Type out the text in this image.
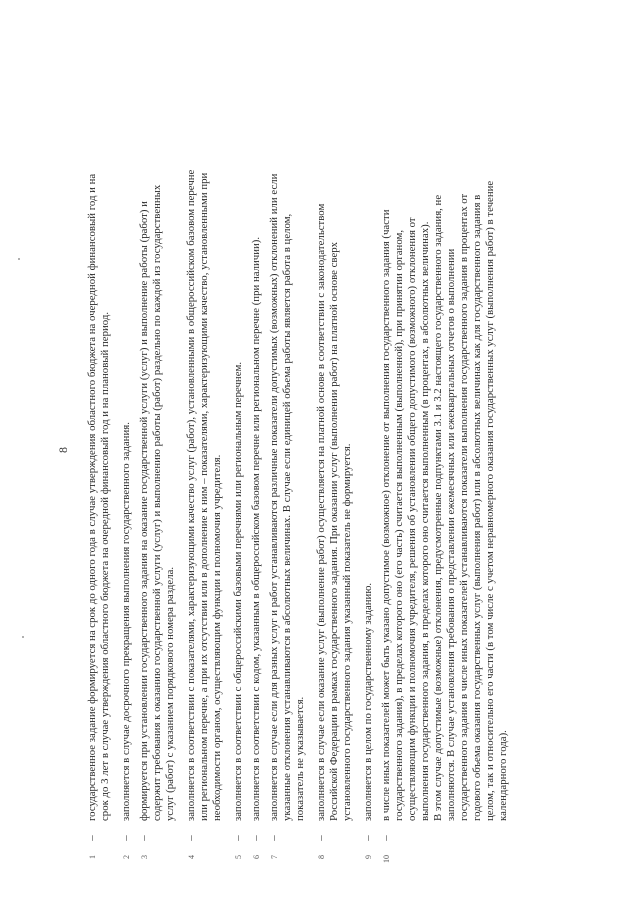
8
1
–

государственное задание формируется на срок до одного года в случае утверждения областного бюджета на очередной финансовый год и на срок до 3 лет в случае утверждения областного бюджета на очередной финансовый год и на плановый период.

2
–

заполняется в случае досрочного прекращения выполнения государственного задания.

3
–

формируется при установлении государственного задания на оказание государственной услуги (услуг) и выполнение работы (работ) и содержит требования к оказанию государственной услуги (услуг) и выполнению работы (работ) раздельно по каждой из государственных услуг (работ) с указанием порядкового номера раздела.

4
–

заполняется в соответствии с показателями, характеризующими качество услуг (работ), установленными в общероссийском базовом перечне или региональном перечне, а при их отсутствии или в дополнение к ним – показателями, характеризующими качество, установленными при необходимости органом, осуществляющим функции и полномочия учредителя.

5
–

заполняется в соответствии с общероссийскими базовыми перечнями или региональным перечнем.

6
–

заполняется в соответствии с кодом, указанным в общероссийском базовом перечне или региональном перечне (при наличии).

7
–

заполняется в случае если для разных услуг и работ устанавливаются различные показатели допустимых (возможных) отклонений или если указанные отклонения устанавливаются в абсолютных величинах. В случае если единицей объема работы является работа в целом, показатель не указывается.

8
–

заполняется в случае если оказание услуг (выполнение работ) осуществляется на платной основе в соответствии с законодательством Российской Федерации в рамках государственного задания. При оказании услуг (выполнении работ) на платной основе сверх установленного государственного задания указанный показатель не формируется.

9
–

заполняется в целом по государственному заданию.

10
–

в числе иных показателей может быть указано допустимое (возможное) отклонение от выполнения государственного задания (части государственного задания), в пределах которого оно (его часть) считается выполненным (выполненной), при принятии органом, осуществляющим функции и полномочия учредителя, решения об установлении общего допустимого (возможного) отклонения от выполнения государственного задания, в пределах которого оно считается выполненным (в процентах, в абсолютных величинах). В этом случае допустимые (возможные) отклонения, предусмотренные подпунктами 3.1 и 3.2 настоящего государственного задания, не заполняются. В случае установления требования о представлении ежемесячных или ежеквартальных отчетов о выполнении государственного задания в числе иных показателей устанавливаются показатели выполнения государственного задания в процентах от годового объема оказания государственных услуг (выполнения работ) или в абсолютных величинах как для государственного задания в целом, так и относительно его части (в том числе с учетом неравномерного оказания государственных услуг (выполнения работ) в течение календарного года).
